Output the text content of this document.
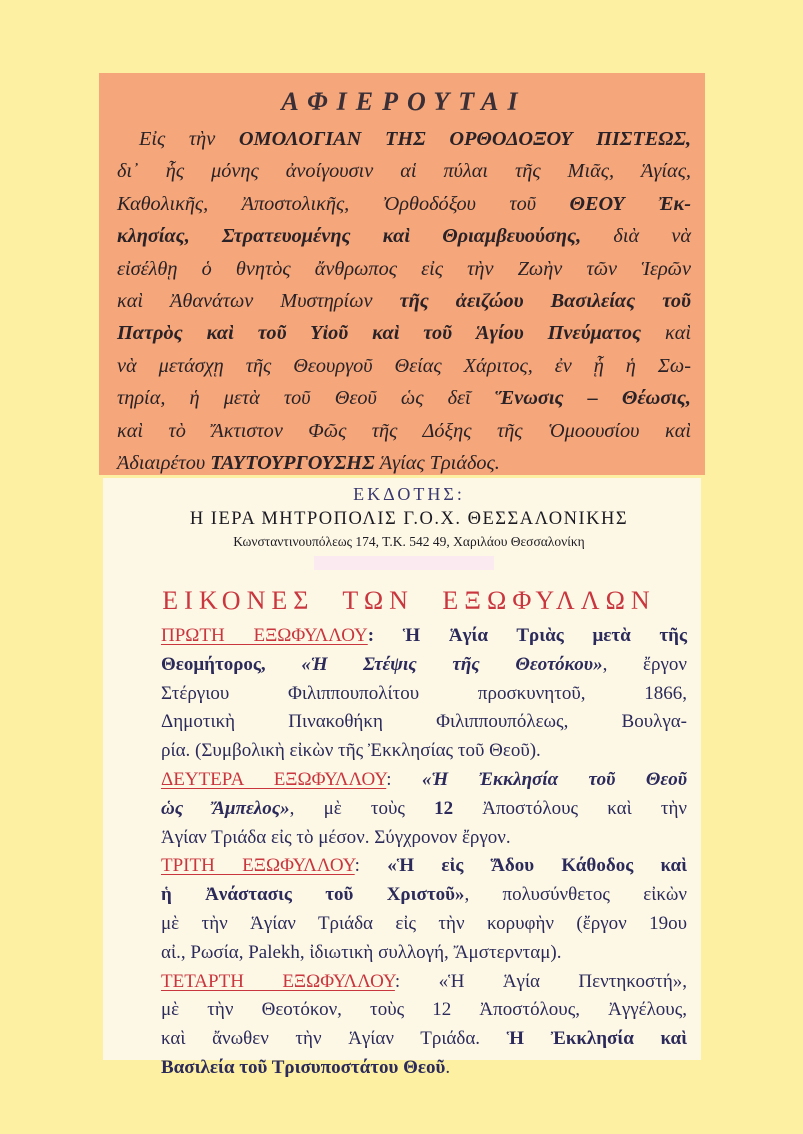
ΑΦΙΕΡΟΥΤΑΙ
Εἰς τὴν ΟΜΟΛΟΓΙΑΝ ΤΗΣ ΟΡΘΟΔΟΞΟΥ ΠΙΣΤΕΩΣ,
δι᾿ ἧς μόνης ἀνοίγουσιν αἱ πύλαι τῆς Μιᾶς, Ἁγίας,
Καθολικῆς, Ἀποστολικῆς, Ὀρθοδόξου τοῦ ΘΕΟΥ Ἐκ-
κλησίας, Στρατευομένης καὶ Θριαμβευούσης, διὰ νὰ
εἰσέλθῃ ὁ θνητὸς ἄνθρωπος εἰς τὴν Ζωὴν τῶν Ἱερῶν
καὶ Ἀθανάτων Μυστηρίων τῆς ἀειζώου Βασιλείας τοῦ
Πατρὸς καὶ τοῦ Υἱοῦ καὶ τοῦ Ἁγίου Πνεύματος καὶ
νὰ μετάσχῃ τῆς Θεουργοῦ Θείας Χάριτος, ἐν ᾗ ἡ Σω-
τηρία, ἡ μετὰ τοῦ Θεοῦ ὡς δεῖ Ἕνωσις – Θέωσις,
καὶ τὸ Ἄκτιστον Φῶς τῆς Δόξης τῆς Ὁμοουσίου καὶ
Ἀδιαιρέτου ΤΑΥΤΟΥΡΓΟΥΣΗΣ Ἁγίας Τριάδος.
ΕΚΔΟΤΗΣ:
Η ΙΕΡΑ ΜΗΤΡΟΠΟΛΙΣ Γ.Ο.Χ. ΘΕΣΣΑΛΟΝΙΚΗΣ
Κωνσταντινουπόλεως 174, Τ.Κ. 542 49, Χαριλάου Θεσσαλονίκη
ΕΙΚΟΝΕΣ ΤΩΝ ΕΞΩΦΥΛΛΩΝ
ΠΡΩΤΗ ΕΞΩΦΥΛΛΟΥ: Ἡ Ἁγία Τριὰς μετὰ τῆς
Θεομήτορος, «Ἡ Στέψις τῆς Θεοτόκου», ἔργον
Στέργιου Φιλιππουπολίτου προσκυνητοῦ, 1866,
Δημοτικὴ Πινακοθήκη Φιλιππουπόλεως, Βουλγα-
ρία. (Συμβολικὴ εἰκὼν τῆς Ἐκκλησίας τοῦ Θεοῦ).
ΔΕΥΤΕΡΑ ΕΞΩΦΥΛΛΟΥ: «Ἡ Ἐκκλησία τοῦ Θεοῦ
ὡς Ἄμπελος», μὲ τοὺς 12 Ἀποστόλους καὶ τὴν
Ἁγίαν Τριάδα εἰς τὸ μέσον. Σύγχρονον ἔργον.
ΤΡΙΤΗ ΕΞΩΦΥΛΛΟΥ: «Ἡ εἰς Ἅδου Κάθοδος καὶ
ἡ Ἀνάστασις τοῦ Χριστοῦ», πολυσύνθετος εἰκὼν
μὲ τὴν Ἁγίαν Τριάδα εἰς τὴν κορυφὴν (ἔργον 19ου
αἰ., Ρωσία, Palekh, ἰδιωτικὴ συλλογή, Ἄμστερνταμ).
ΤΕΤΑΡΤΗ ΕΞΩΦΥΛΛΟΥ: «Ἡ Ἁγία Πεντηκοστή»,
μὲ τὴν Θεοτόκον, τοὺς 12 Ἀποστόλους, Ἀγγέλους,
καὶ ἄνωθεν τὴν Ἁγίαν Τριάδα. Ἡ Ἐκκλησία καὶ
Βασιλεία τοῦ Τρισυποστάτου Θεοῦ.
